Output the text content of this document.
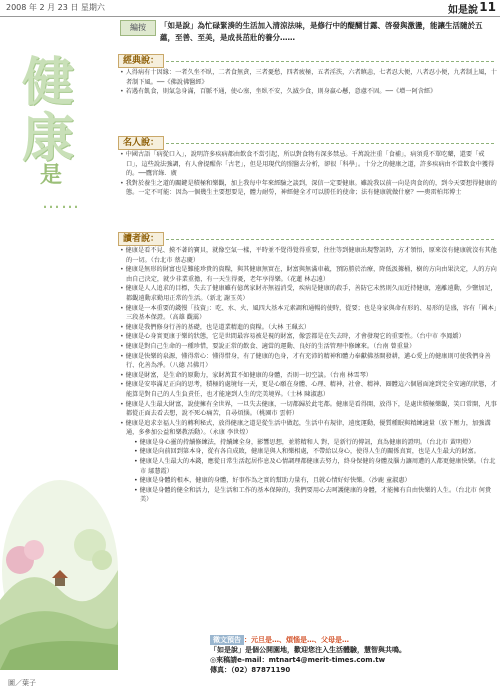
2008 年 2 月 23 日 星期六	如是說 11
編按	「如是說」為忙碌緊湊的生活加入清涼法味，是修行中的醍醐甘露、啓發與激盪，能讓生活隨於五蘊，至善、至美，是成長茁壯的養分……
健
康
是
……
圖／葉子
經典說：

• 人得病有十因緣：一者久坐不臥，二者食無貪，三者憂愁，四者疲極，五者淫泆，六者瞋恚，七者忍大便，八者忍小便，九者制上風，十者制下風。──《佛說佛醫經》

• 若遇有飢食，則氣急身滿，百脈不通，使心塞，坐臥不安，久滅少食，則身羸心懸，意慮不固。──《增一阿含經》

名人說：

• 中國古語「病從口入」，說明許多疾病都由飲食不當引起，所以對食物有深多禁忌。千萬說注重「食補」，病須覓不單吃藥，還要「戒口」，這些說法強調，有人會提醒你「古老」，但是用現代的照醫去分析，卻很「科學」。十分之的健康之道，許多疾病由不當飲食中獲得的。──鷹宮綠．廣

• 我對於養生之道的關鍵是積極和樂觀，加上我每中年來經驗之談到，深信一定要健康。雖說我以前一向是肉食的的，到今天要想得健康的態。一定不可能：因為一個幾生主要想要是，體力耐勞，神經健全才可以勝任的使命；法有健康就做什麼？──奧雷柏邦博士

讀者說：

• 健康是看不見、摸不著的寶貝，就像空氣一樣，平時並不覺得覺得重要，往往等到健康出現警訊時，方才領悟，原來沒有健康就沒有其他的一切。（台北市 蔡志慶）

• 健康是無形的財富也是難能珍貴的資糧，與其健康無實在，財富與無滿車載，預防勝於治療，降低汲據桶，樹的方向由果決定，人的方向由自己決定，就少非業重擔，有一天生得憂，老年享得樂。（花蓮 林志遠）

• 健康是人人追求的目標，失去了健康雖有億萬家財亦無福消受，疾病是健康的殺手，善防它未然則久而近持健康，遠離遠動，少鹽加足，都觀遠動求勤用正常的生活。（新北 謝玉英）

• 健康是一本重要的錢慢「技資」：吃、水、火、風四大基本元素調和通暢的使時，從要；也是身家與命有形的、易形的是盛，容有「國本」三段基本保證。（高雄 觀靄）

• 健康是我們修身行善的基礎，也是道業精進的資糧。（大林 王珮玄）

• 健康是心身實更康于樂的狀態，它是世間最容易被是視的財富，像雲都是在失去時，才會發現它的重要性。（台中市 李鳳嬌）

• 健康是對自己生命的一種珍惜，要說正常的飲食、適當的運動、良好的生活管理中修練來。（台南 曾重量）

• 健康是快樂的泉源，懂得常心：懂得惜身，有了健康的色身，才有充沛的精神和體力奉獻佛基開發耕，邁心愛上的健康則可使我們身善行、化善為淨。（八德 呂佛月）

• 健康是財富，是生命的原動力，家財萬貫不如健康的身體，否則一切空談。（台南 林雪琴）

• 健康是安寧滿足正向的思考，積極的處境每一天，更是心願在身體、心理、精神，社會、精神、圈體這六個層面達到完全安適的狀態，才能算是對自己的人生負責任，也才能達到人生的完美境界。（士林 陳淑惠）

• 健康是人生最大財富，說使擁有全世界，一旦失去健康，一切都歸於此宅都。健康是看得開，放得下，是處世積極樂觀，笑口常開，凡事都從正面去看去想，說不死心痛苦，自尋煩惱。（桃園市 雲軒）

• 健康是追求幸福人生的轉利秘式，放得健康之道是從生活中做起，生活中有規律，遠度運動，優質種眠與精練適量（放下壓力，加強溝通，多參加公益和樂教活動）。（永康 李世煌）

• 健康是身心靈的持續修練法，持續練全身，影響思想，並將精和人 對，是新行的傳訊，真為健康的證明。（台北市 黃明燈）

• 健康是向前回到第本身，從有各自成敗，健康是與人和樂相處，不帶給以身心，使得人生的關係真實，也是人生最大的財富。

• 健康是人生最大的本錢，應從日常生活起居作息及心情調理都健康去努力，終身保健的身體及腦力讓周遭的人都更健康快樂。（台北市 鄔慧霞）

• 健康是身體的根本，健康的身體，好事作為之實的幫助力量有，且就心情好好快樂。（沙鹿 童淑惠）

• 健康是身體的健全和活力，是生活和工作的基本保障的，我們要用心去呵護健康的身體，才能擁有自由快樂的人生。（台北市 何貴美）

徵文預告 ：元旦是…、煩惱是…、父母是…
「如是說」是個公開園地，歡迎您注入生活體驗，慧智與共鳴。
◎來稿請e-mail：mtnart4@merit-times.com.tw
傳真：（02）87871190
